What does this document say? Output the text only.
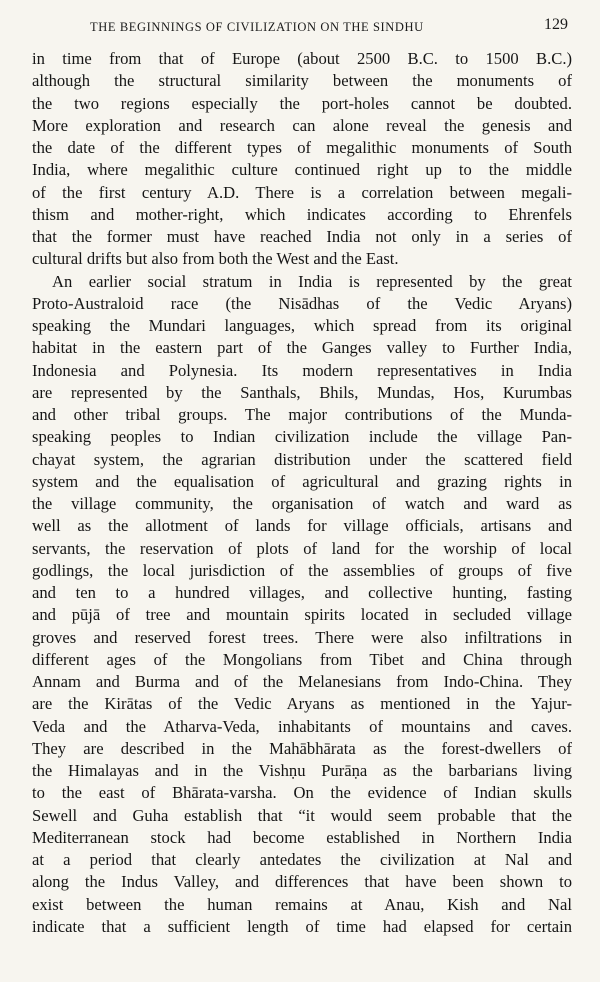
THE BEGINNINGS OF CIVILIZATION ON THE SINDHU	129
in time from that of Europe (about 2500 B.C. to 1500 B.C.)
although the structural similarity between the monuments of
the two regions especially the port-holes cannot be doubted.
More exploration and research can alone reveal the genesis and
the date of the different types of megalithic monuments of South
India, where megalithic culture continued right up to the middle
of the first century A.D. There is a correlation between megali-
thism and mother-right, which indicates according to Ehrenfels
that the former must have reached India not only in a series of
cultural drifts but also from both the West and the East.
An earlier social stratum in India is represented by the great
Proto-Australoid race (the Nisādhas of the Vedic Aryans)
speaking the Mundari languages, which spread from its original
habitat in the eastern part of the Ganges valley to Further India,
Indonesia and Polynesia. Its modern representatives in India
are represented by the Santhals, Bhils, Mundas, Hos, Kurumbas
and other tribal groups. The major contributions of the Munda-
speaking peoples to Indian civilization include the village Pan-
chayat system, the agrarian distribution under the scattered field
system and the equalisation of agricultural and grazing rights in
the village community, the organisation of watch and ward as
well as the allotment of lands for village officials, artisans and
servants, the reservation of plots of land for the worship of local
godlings, the local jurisdiction of the assemblies of groups of five
and ten to a hundred villages, and collective hunting, fasting
and pūjā of tree and mountain spirits located in secluded village
groves and reserved forest trees. There were also infiltrations in
different ages of the Mongolians from Tibet and China through
Annam and Burma and of the Melanesians from Indo-China. They
are the Kirātas of the Vedic Aryans as mentioned in the Yajur-
Veda and the Atharva-Veda, inhabitants of mountains and caves.
They are described in the Mahābhārata as the forest-dwellers of
the Himalayas and in the Vishṇu Purāṇa as the barbarians living
to the east of Bhārata-varsha. On the evidence of Indian skulls
Sewell and Guha establish that “it would seem probable that the
Mediterranean stock had become established in Northern India
at a period that clearly antedates the civilization at Nal and
along the Indus Valley, and differences that have been shown to
exist between the human remains at Anau, Kish and Nal
indicate that a sufficient length of time had elapsed for certain
